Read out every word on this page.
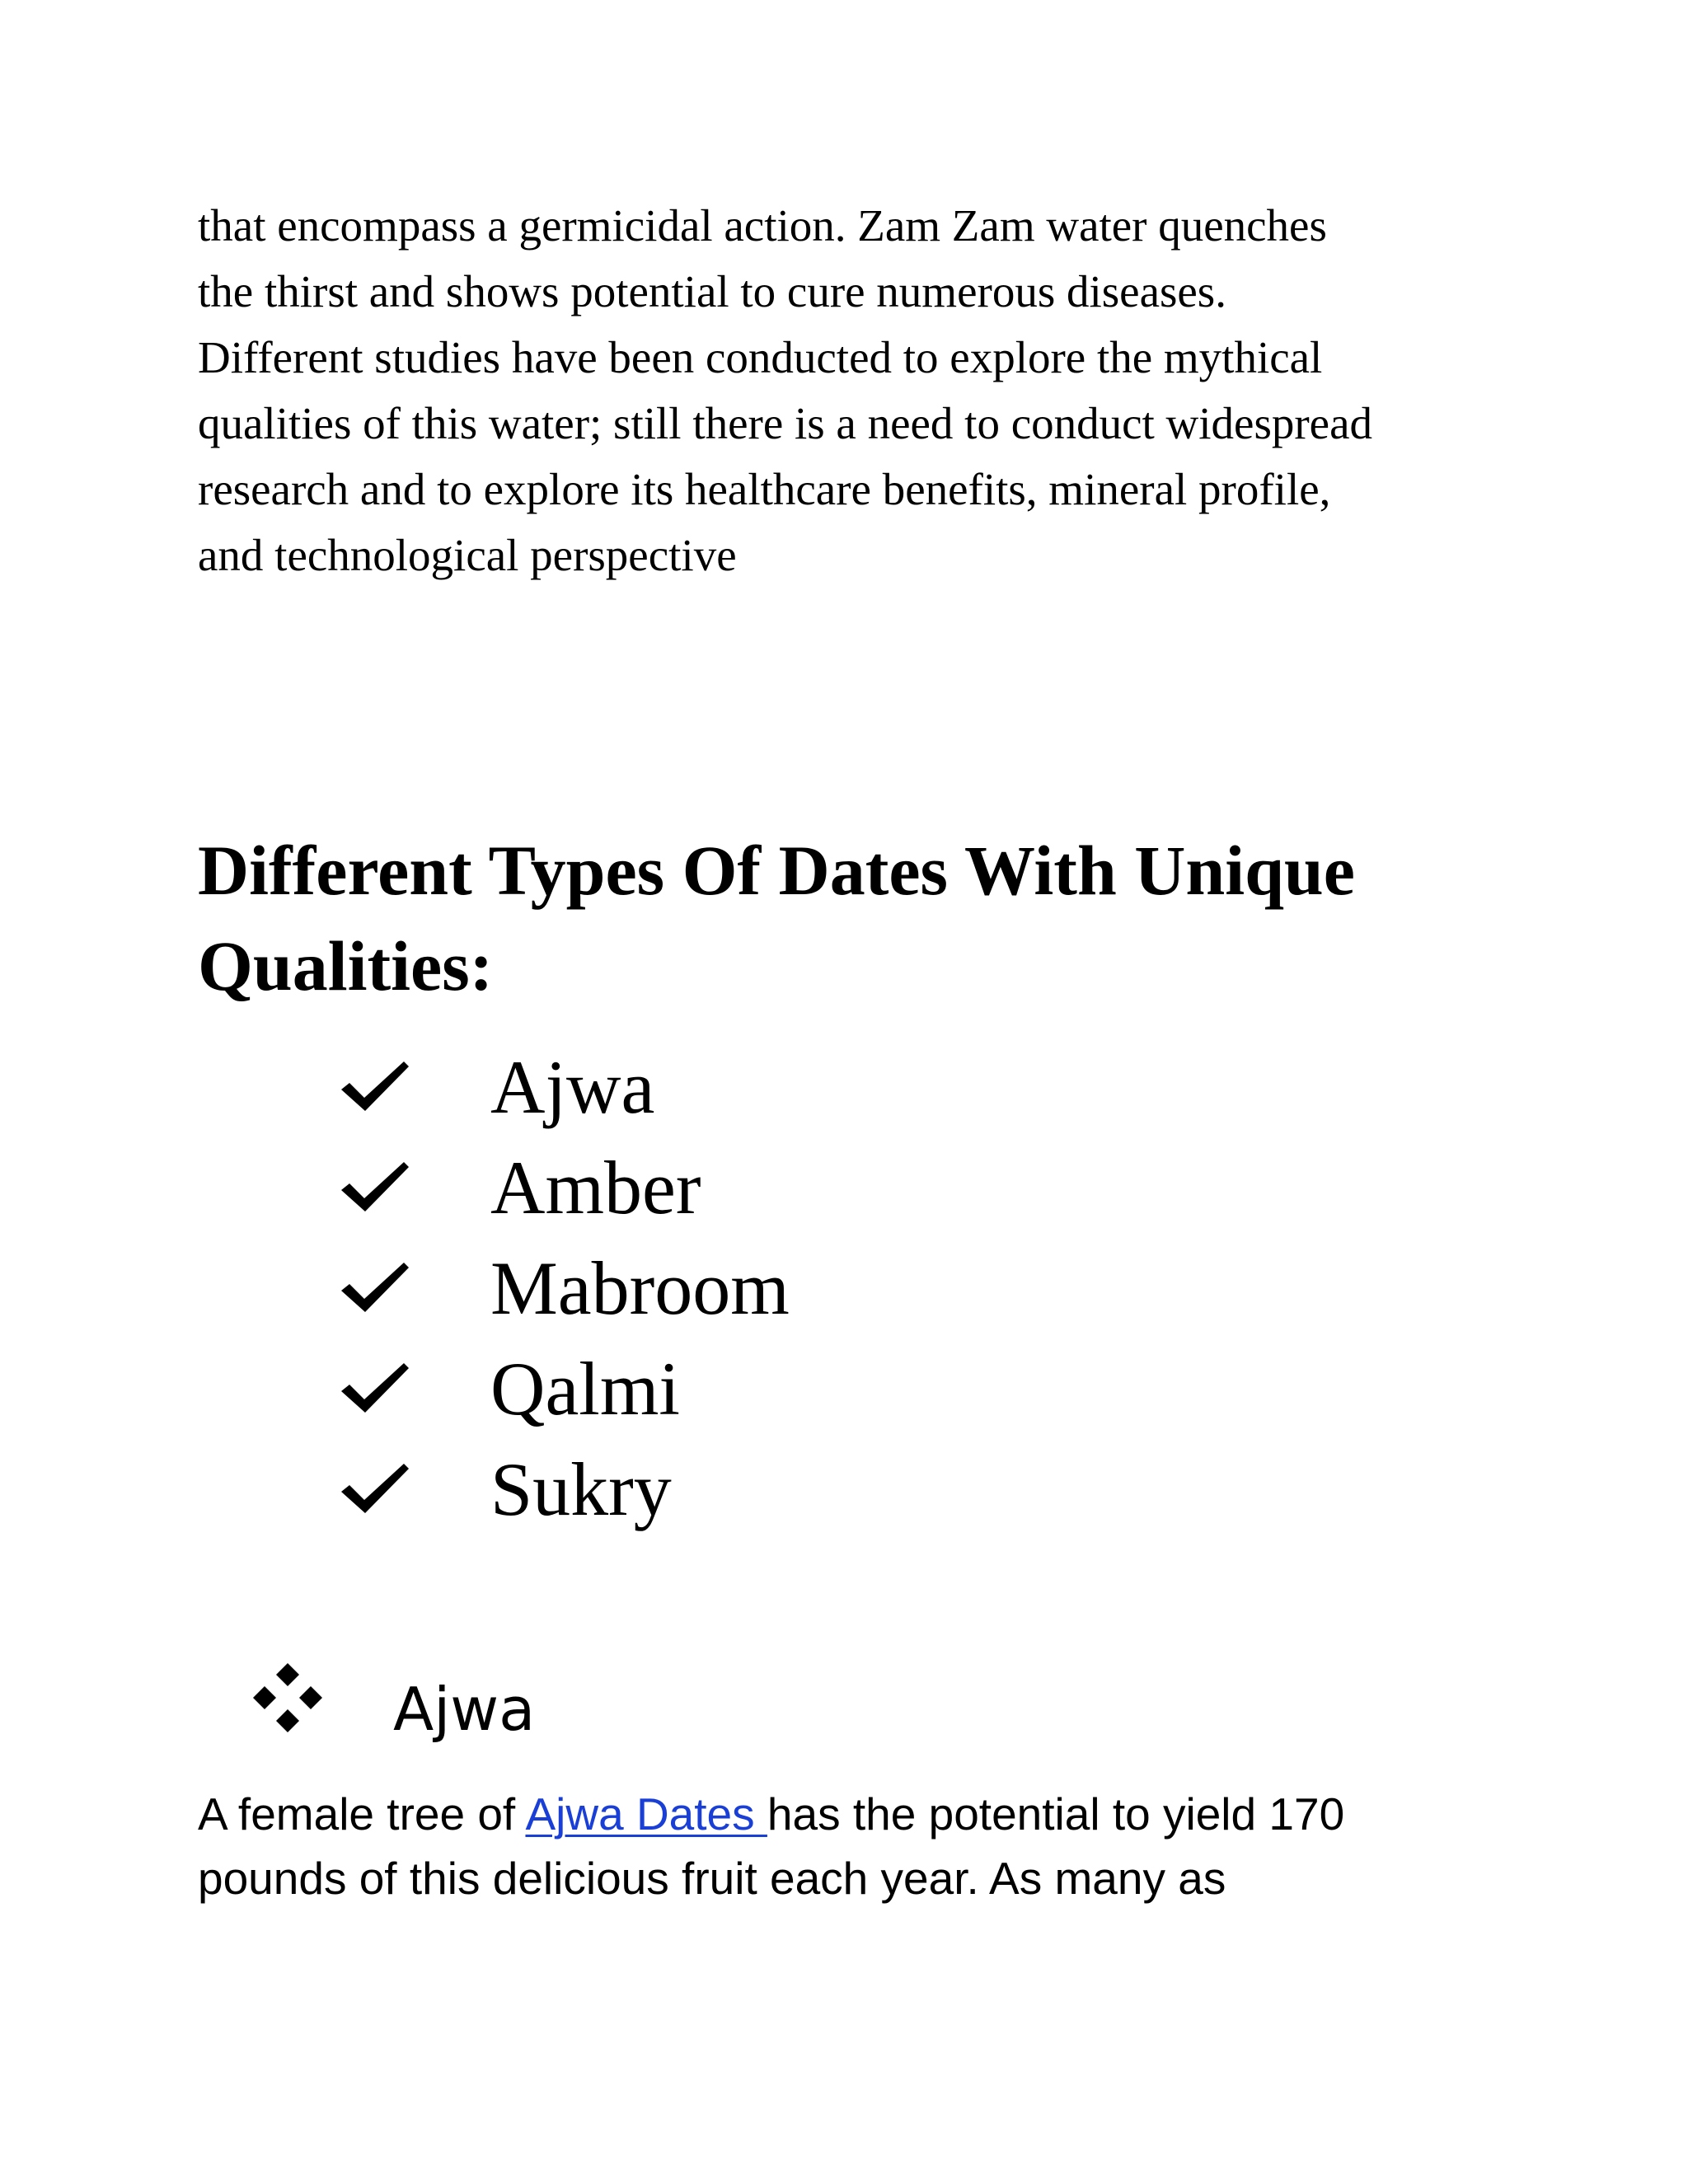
that encompass a germicidal action. Zam Zam water quenches
the thirst and shows potential to cure numerous diseases.
Different studies have been conducted to explore the mythical
qualities of this water; still there is a need to conduct widespread
research and to explore its healthcare benefits, mineral profile,
and technological perspective
Different Types Of Dates With Unique
Qualities:
Ajwa
Amber
Mabroom
Qalmi
Sukry
Ajwa
A female tree of Ajwa Dates has the potential to yield 170
pounds of this delicious fruit each year. As many as
